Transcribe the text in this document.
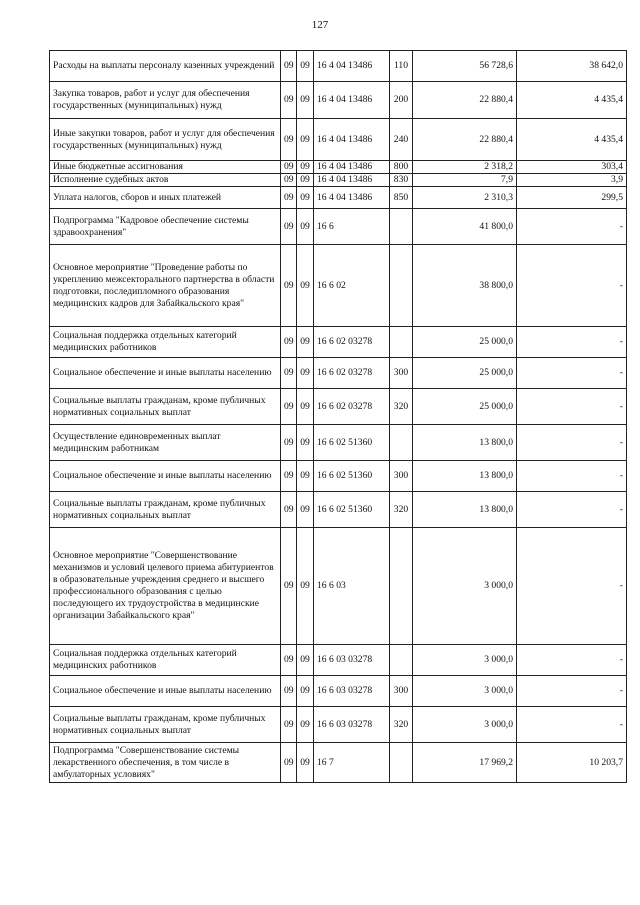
127
Расходы на выплаты персоналу казенных учреждений	09	09	16 4 04 13486	110	56 728,6	38 642,0
Закупка товаров, работ и услуг для обеспечения государственных (муниципальных) нужд	09	09	16 4 04 13486	200	22 880,4	4 435,4
Иные закупки товаров, работ и услуг для обеспечения государственных (муниципальных) нужд	09	09	16 4 04 13486	240	22 880,4	4 435,4
Иные бюджетные ассигнования	09	09	16 4 04 13486	800	2 318,2	303,4
Исполнение судебных актов	09	09	16 4 04 13486	830	7,9	3,9
Уплата налогов, сборов и иных платежей	09	09	16 4 04 13486	850	2 310,3	299,5
Подпрограмма "Кадровое обеспечение системы здравоохранения"	09	09	16 6		41 800,0	-
Основное мероприятие "Проведение работы по укреплению межсекторального партнерства в области подготовки, последипломного образования медицинских кадров для Забайкальского края"	09	09	16 6 02		38 800,0	-
Социальная поддержка отдельных категорий медицинских работников	09	09	16 6 02 03278		25 000,0	-
Социальное обеспечение и иные выплаты населению	09	09	16 6 02 03278	300	25 000,0	-
Социальные выплаты гражданам, кроме публичных нормативных социальных выплат	09	09	16 6 02 03278	320	25 000,0	-
Осуществление единовременных выплат медицинским работникам	09	09	16 6 02 51360		13 800,0	-
Социальное обеспечение и иные выплаты населению	09	09	16 6 02 51360	300	13 800,0	-
Социальные выплаты гражданам, кроме публичных нормативных социальных выплат	09	09	16 6 02 51360	320	13 800,0	-
Основное мероприятие "Совершенствование механизмов и условий целевого приема абитуриентов в образовательные учреждения среднего и высшего профессионального образования с целью последующего их трудоустройства в медицинские организации Забайкальского края"	09	09	16 6 03		3 000,0	-
Социальная поддержка отдельных категорий медицинских работников	09	09	16 6 03 03278		3 000,0	-
Социальное обеспечение и иные выплаты населению	09	09	16 6 03 03278	300	3 000,0	-
Социальные выплаты гражданам, кроме публичных нормативных социальных выплат	09	09	16 6 03 03278	320	3 000,0	-
Подпрограмма "Совершенствование системы лекарственного обеспечения, в том числе в амбулаторных условиях"	09	09	16 7		17 969,2	10 203,7
